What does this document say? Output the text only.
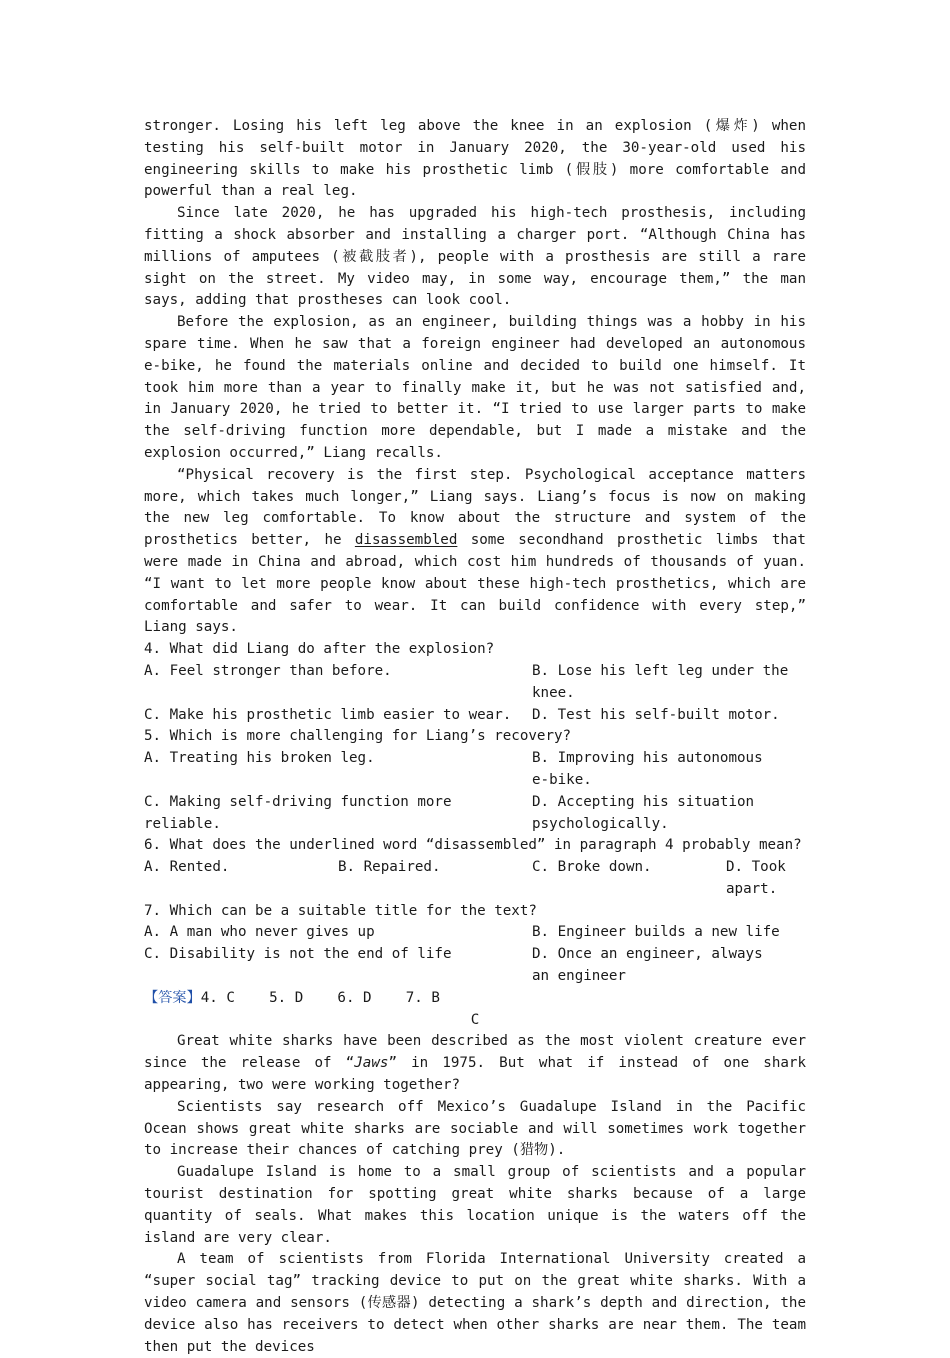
stronger. Losing his left leg above the knee in an explosion (爆炸) when testing his self-built motor in January 2020, the 30-year-old used his engineering skills to make his prosthetic limb (假肢) more comfortable and powerful than a real leg.
Since late 2020, he has upgraded his high-tech prosthesis, including fitting a shock absorber and installing a charger port. “Although China has millions of amputees (被截肢者), people with a prosthesis are still a rare sight on the street. My video may, in some way, encourage them,” the man says, adding that prostheses can look cool.
Before the explosion, as an engineer, building things was a hobby in his spare time. When he saw that a foreign engineer had developed an autonomous e-bike, he found the materials online and decided to build one himself. It took him more than a year to finally make it, but he was not satisfied and, in January 2020, he tried to better it. “I tried to use larger parts to make the self-driving function more dependable, but I made a mistake and the explosion occurred,” Liang recalls.
“Physical recovery is the first step. Psychological acceptance matters more, which takes much longer,” Liang says. Liang’s focus is now on making the new leg comfortable. To know about the structure and system of the prosthetics better, he disassembled some secondhand prosthetic limbs that were made in China and abroad, which cost him hundreds of thousands of yuan. “I want to let more people know about these high-tech prosthetics, which are comfortable and safer to wear. It can build confidence with every step,” Liang says.
4. What did Liang do after the explosion?
A. Feel stronger than before.	B. Lose his left leg under the knee.
C. Make his prosthetic limb easier to wear.	D. Test his self-built motor.
5. Which is more challenging for Liang’s recovery?
A. Treating his broken leg.	B. Improving his autonomous e-bike.
C. Making self-driving function more reliable.
D. Accepting his situation psychologically.
6. What does the underlined word “disassembled” in paragraph 4 probably mean?
A. Rented.	B. Repaired.	C. Broke down.	D. Took apart.
7. Which can be a suitable title for the text?
A. A man who never gives up	B. Engineer builds a new life
C. Disability is not the end of life	D. Once an engineer, always an engineer
【答案】4. C    5. D    6. D    7. B
C
Great white sharks have been described as the most violent creature ever since the release of “Jaws” in 1975. But what if instead of one shark appearing, two were working together?
Scientists say research off Mexico’s Guadalupe Island in the Pacific Ocean shows great white sharks are sociable and will sometimes work together to increase their chances of catching prey (猎物).
Guadalupe Island is home to a small group of scientists and a popular tourist destination for spotting great white sharks because of a large quantity of seals. What makes this location unique is the waters off the island are very clear.
A team of scientists from Florida International University created a “super social tag” tracking device to put on the great white sharks. With a video camera and sensors (传感器) detecting a shark’s depth and direction, the device also has receivers to detect when other sharks are near them. The team then put the devices
